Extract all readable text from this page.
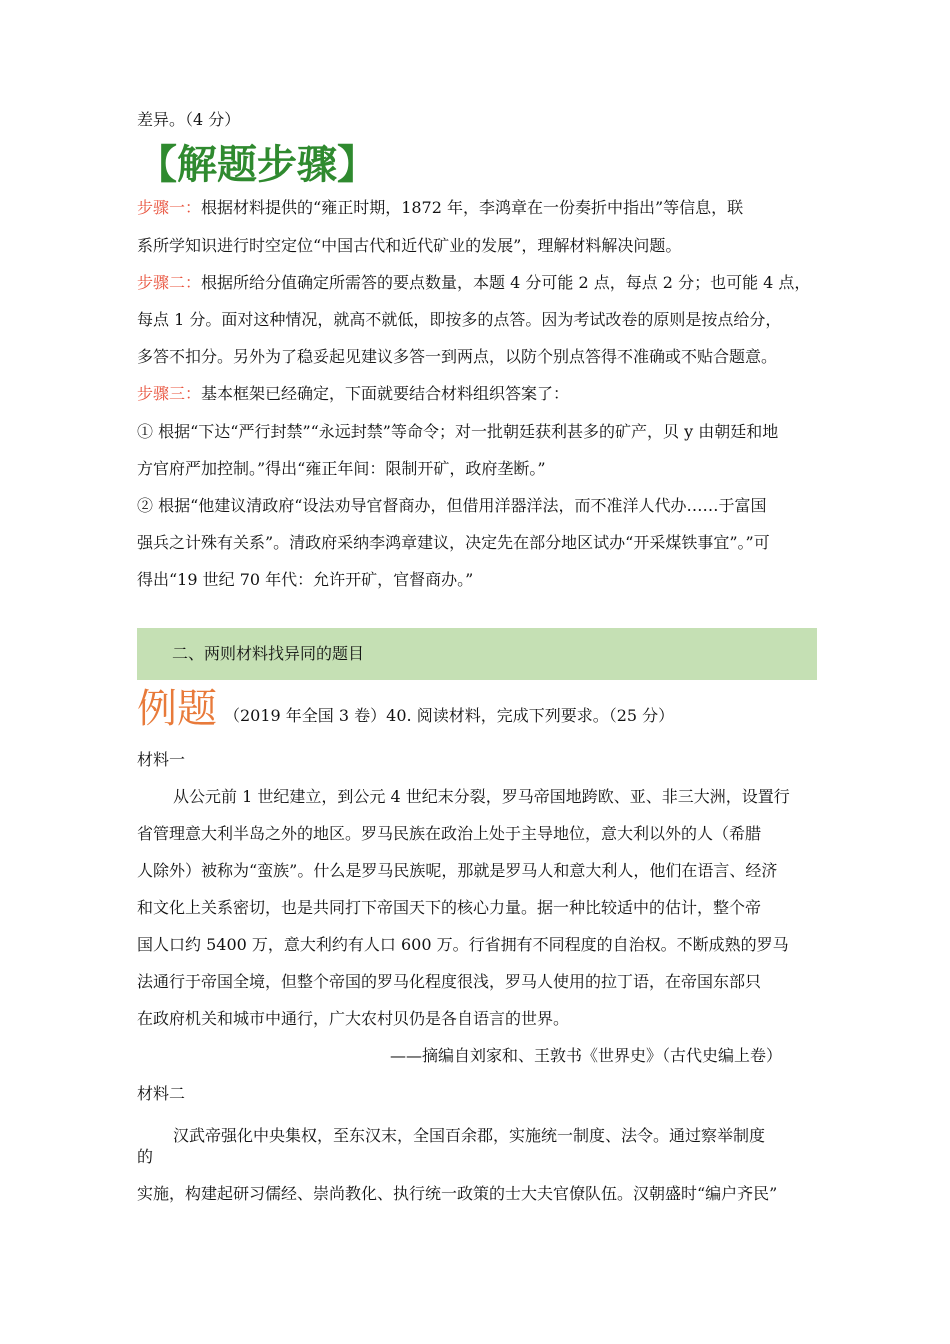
差异。（4 分）
【解题步骤】
步骤一：根据材料提供的“雍正时期，1872 年，李鸿章在一份奏折中指出”等信息，联
系所学知识进行时空定位“中国古代和近代矿业的发展”，理解材料解决问题。
步骤二：根据所给分值确定所需答的要点数量，本题 4 分可能 2 点，每点 2 分；也可能 4 点，
每点 1 分。面对这种情况，就高不就低，即按多的点答。因为考试改卷的原则是按点给分，
多答不扣分。另外为了稳妥起见建议多答一到两点，以防个别点答得不准确或不贴合题意。
步骤三：基本框架已经确定，下面就要结合材料组织答案了：
① 根据“下达“严行封禁”“永远封禁”等命令；对一批朝廷获利甚多的矿产，贝 y 由朝廷和地
方官府严加控制。”得出“雍正年间：限制开矿，政府垄断。”
② 根据“他建议清政府“设法劝导官督商办，但借用洋器洋法，而不准洋人代办……于富国
强兵之计殊有关系”。清政府采纳李鸿章建议，决定先在部分地区试办“开采煤铁事宜”。”可
得出“19 世纪 70 年代：允许开矿，官督商办。”
二、两则材料找异同的题目
例题 （2019 年全国 3 卷）40. 阅读材料，完成下列要求。（25 分）
材料一
从公元前 1 世纪建立，到公元 4 世纪末分裂，罗马帝国地跨欧、亚、非三大洲，设置行
省管理意大利半岛之外的地区。罗马民族在政治上处于主导地位，意大利以外的人（希腊
人除外）被称为“蛮族”。什么是罗马民族呢，那就是罗马人和意大利人，他们在语言、经济
和文化上关系密切，也是共同打下帝国天下的核心力量。据一种比较适中的估计，整个帝
国人口约 5400 万，意大利约有人口 600 万。行省拥有不同程度的自治权。不断成熟的罗马
法通行于帝国全境，但整个帝国的罗马化程度很浅，罗马人使用的拉丁语，在帝国东部只
在政府机关和城市中通行，广大农村贝仍是各自语言的世界。
——摘编自刘家和、王敦书《世界史》（古代史编上卷）
材料二
汉武帝强化中央集权，至东汉末，全国百余郡，实施统一制度、法令。通过察举制度
的
实施，构建起研习儒经、崇尚教化、执行统一政策的士大夫官僚队伍。汉朝盛时“编户齐民”
